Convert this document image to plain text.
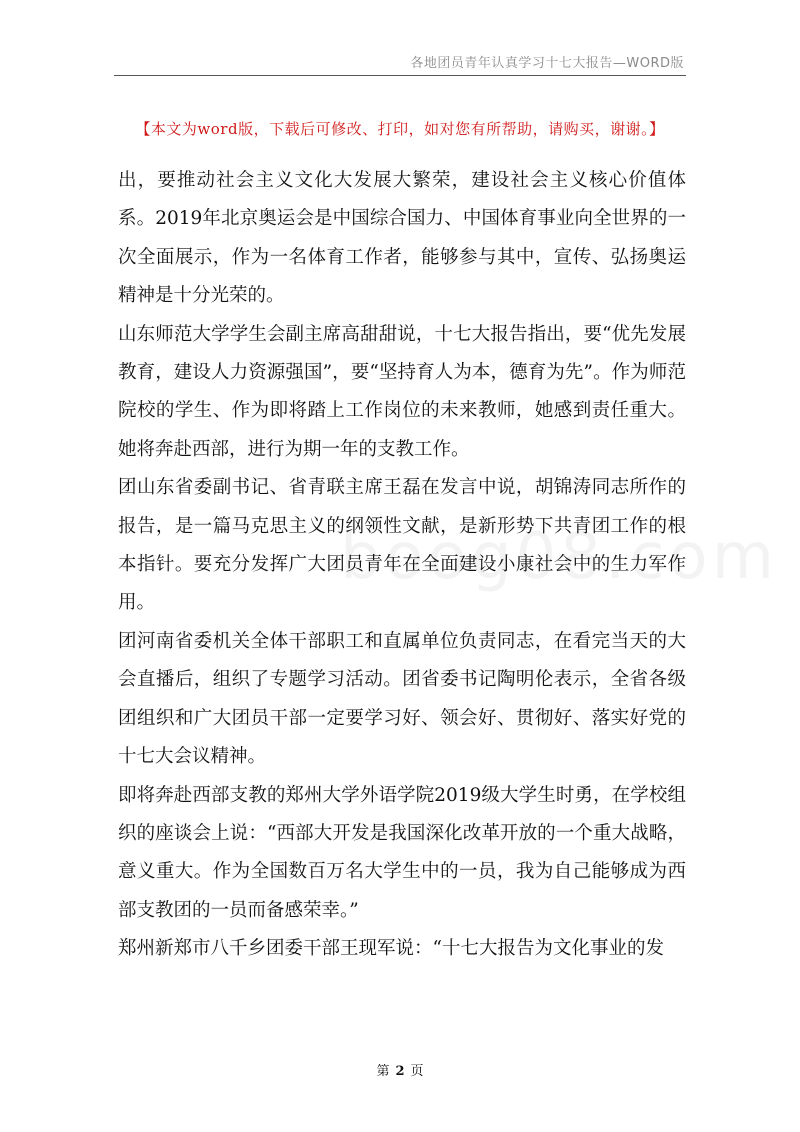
各地团员青年认真学习十七大报告—WORD版
【本文为word版，下载后可修改、打印，如对您有所帮助，请购买，谢谢。】

出，要推动社会主义文化大发展大繁荣，建设社会主义核心价值体系。2019年北京奥运会是中国综合国力、中国体育事业向全世界的一次全面展示，作为一名体育工作者，能够参与其中，宣传、弘扬奥运精神是十分光荣的。

山东师范大学学生会副主席高甜甜说，十七大报告指出，要“优先发展教育，建设人力资源强国”，要“坚持育人为本，德育为先”。作为师范院校的学生、作为即将踏上工作岗位的未来教师，她感到责任重大。她将奔赴西部，进行为期一年的支教工作。

团山东省委副书记、省青联主席王磊在发言中说，胡锦涛同志所作的报告，是一篇马克思主义的纲领性文献，是新形势下共青团工作的根本指针。要充分发挥广大团员青年在全面建设小康社会中的生力军作用。

团河南省委机关全体干部职工和直属单位负责同志，在看完当天的大会直播后，组织了专题学习活动。团省委书记陶明伦表示，全省各级团组织和广大团员干部一定要学习好、领会好、贯彻好、落实好党的十七大会议精神。

即将奔赴西部支教的郑州大学外语学院2019级大学生时勇，在学校组织的座谈会上说：“西部大开发是我国深化改革开放的一个重大战略，意义重大。作为全国数百万名大学生中的一员，我为自己能够成为西部支教团的一员而备感荣幸。”

郑州新郑市八千乡团委干部王现军说：“十七大报告为文化事业的发

第 2 页
